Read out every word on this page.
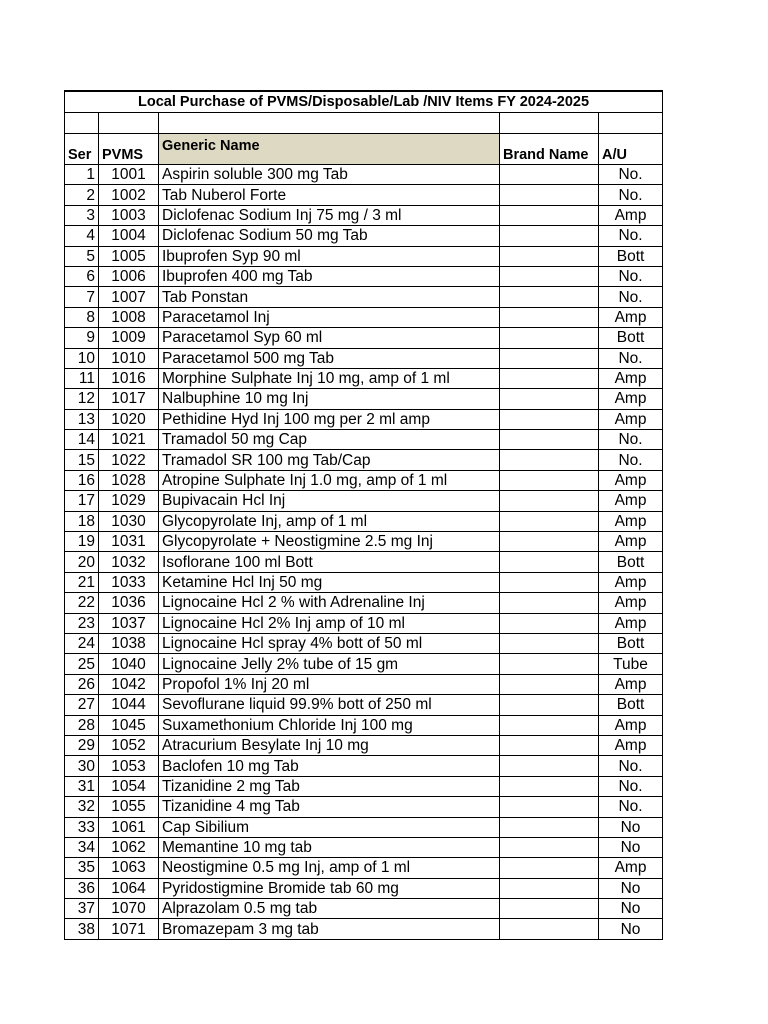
Local Purchase of PVMS/Disposable/Lab /NIV Items FY 2024-2025				

Ser	PVMS	Generic Name	Brand Name	A/U
1	1001	Aspirin soluble 300 mg Tab		No.
2	1002	Tab Nuberol Forte		No.
3	1003	Diclofenac Sodium Inj 75 mg / 3 ml		Amp
4	1004	Diclofenac Sodium 50 mg Tab		No.
5	1005	Ibuprofen Syp 90 ml		Bott
6	1006	Ibuprofen 400 mg Tab		No.
7	1007	Tab Ponstan		No.
8	1008	Paracetamol Inj		Amp
9	1009	Paracetamol Syp 60 ml		Bott
10	1010	Paracetamol 500 mg Tab		No.
11	1016	Morphine Sulphate Inj 10 mg, amp of 1 ml		Amp
12	1017	Nalbuphine 10 mg Inj		Amp
13	1020	Pethidine Hyd Inj 100 mg per 2 ml amp		Amp
14	1021	Tramadol 50 mg Cap		No.
15	1022	Tramadol SR 100 mg Tab/Cap		No.
16	1028	Atropine Sulphate Inj 1.0 mg, amp of 1 ml		Amp
17	1029	Bupivacain Hcl Inj		Amp
18	1030	Glycopyrolate Inj, amp of 1 ml		Amp
19	1031	Glycopyrolate + Neostigmine 2.5 mg Inj		Amp
20	1032	Isoflorane 100 ml Bott		Bott
21	1033	Ketamine Hcl Inj 50 mg		Amp
22	1036	Lignocaine Hcl 2 % with Adrenaline Inj		Amp
23	1037	Lignocaine Hcl 2% Inj amp of 10 ml		Amp
24	1038	Lignocaine Hcl spray 4% bott of 50 ml		Bott
25	1040	Lignocaine Jelly 2% tube of 15 gm		Tube
26	1042	Propofol 1% Inj 20 ml		Amp
27	1044	Sevoflurane liquid 99.9% bott of 250 ml		Bott
28	1045	Suxamethonium Chloride Inj 100 mg		Amp
29	1052	Atracurium Besylate Inj 10 mg		Amp
30	1053	Baclofen 10 mg Tab		No.
31	1054	Tizanidine 2 mg Tab		No.
32	1055	Tizanidine 4 mg Tab		No.
33	1061	Cap Sibilium		No
34	1062	Memantine 10 mg tab		No
35	1063	Neostigmine 0.5 mg Inj, amp of 1 ml		Amp
36	1064	Pyridostigmine Bromide tab 60 mg		No
37	1070	Alprazolam 0.5 mg tab		No
38	1071	Bromazepam 3 mg tab		No
